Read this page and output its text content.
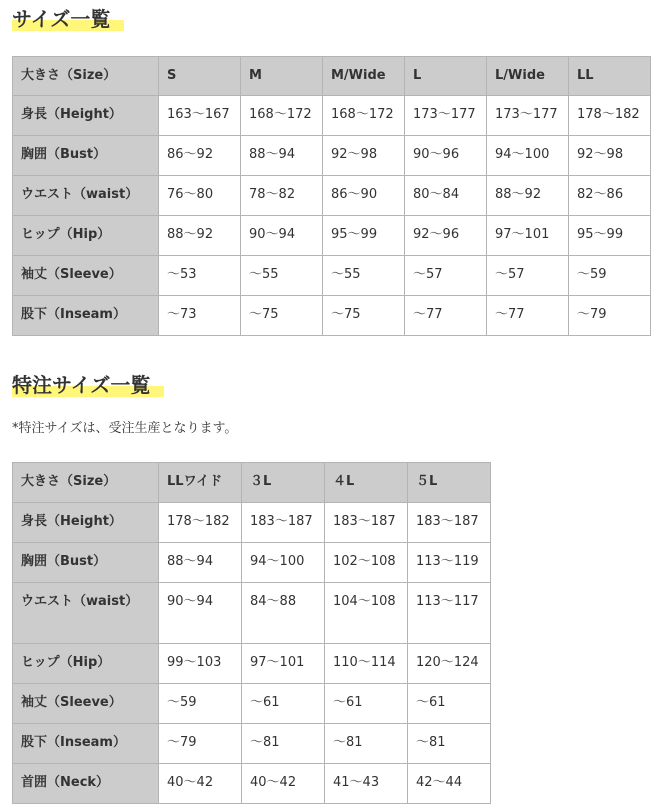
サイズ一覧
大きさ（Size）	S	M	M/Wide	L	L/Wide	LL
身長（Height）	163〜167	168〜172	168〜172	173〜177	173〜177	178〜182
胸囲（Bust）	86〜92	88〜94	92〜98	90〜96	94〜100	92〜98
ウエスト（waist）	76〜80	78〜82	86〜90	80〜84	88〜92	82〜86
ヒップ（Hip）	88〜92	90〜94	95〜99	92〜96	97〜101	95〜99
袖丈（Sleeve）	〜53	〜55	〜55	〜57	〜57	〜59
股下（Inseam）	〜73	〜75	〜75	〜77	〜77	〜79
特注サイズ一覧
*特注サイズは、受注生産となります。
大きさ（Size）	LLワイド	３L	４L	５L
身長（Height）	178〜182	183〜187	183〜187	183〜187
胸囲（Bust）	88〜94	94〜100	102〜108	113〜119
ウエスト（waist）	90〜94	84〜88	104〜108	113〜117
ヒップ（Hip）	99〜103	97〜101	110〜114	120〜124
袖丈（Sleeve）	〜59	〜61	〜61	〜61
股下（Inseam）	〜79	〜81	〜81	〜81
首囲（Neck）	40〜42	40〜42	41〜43	42〜44
